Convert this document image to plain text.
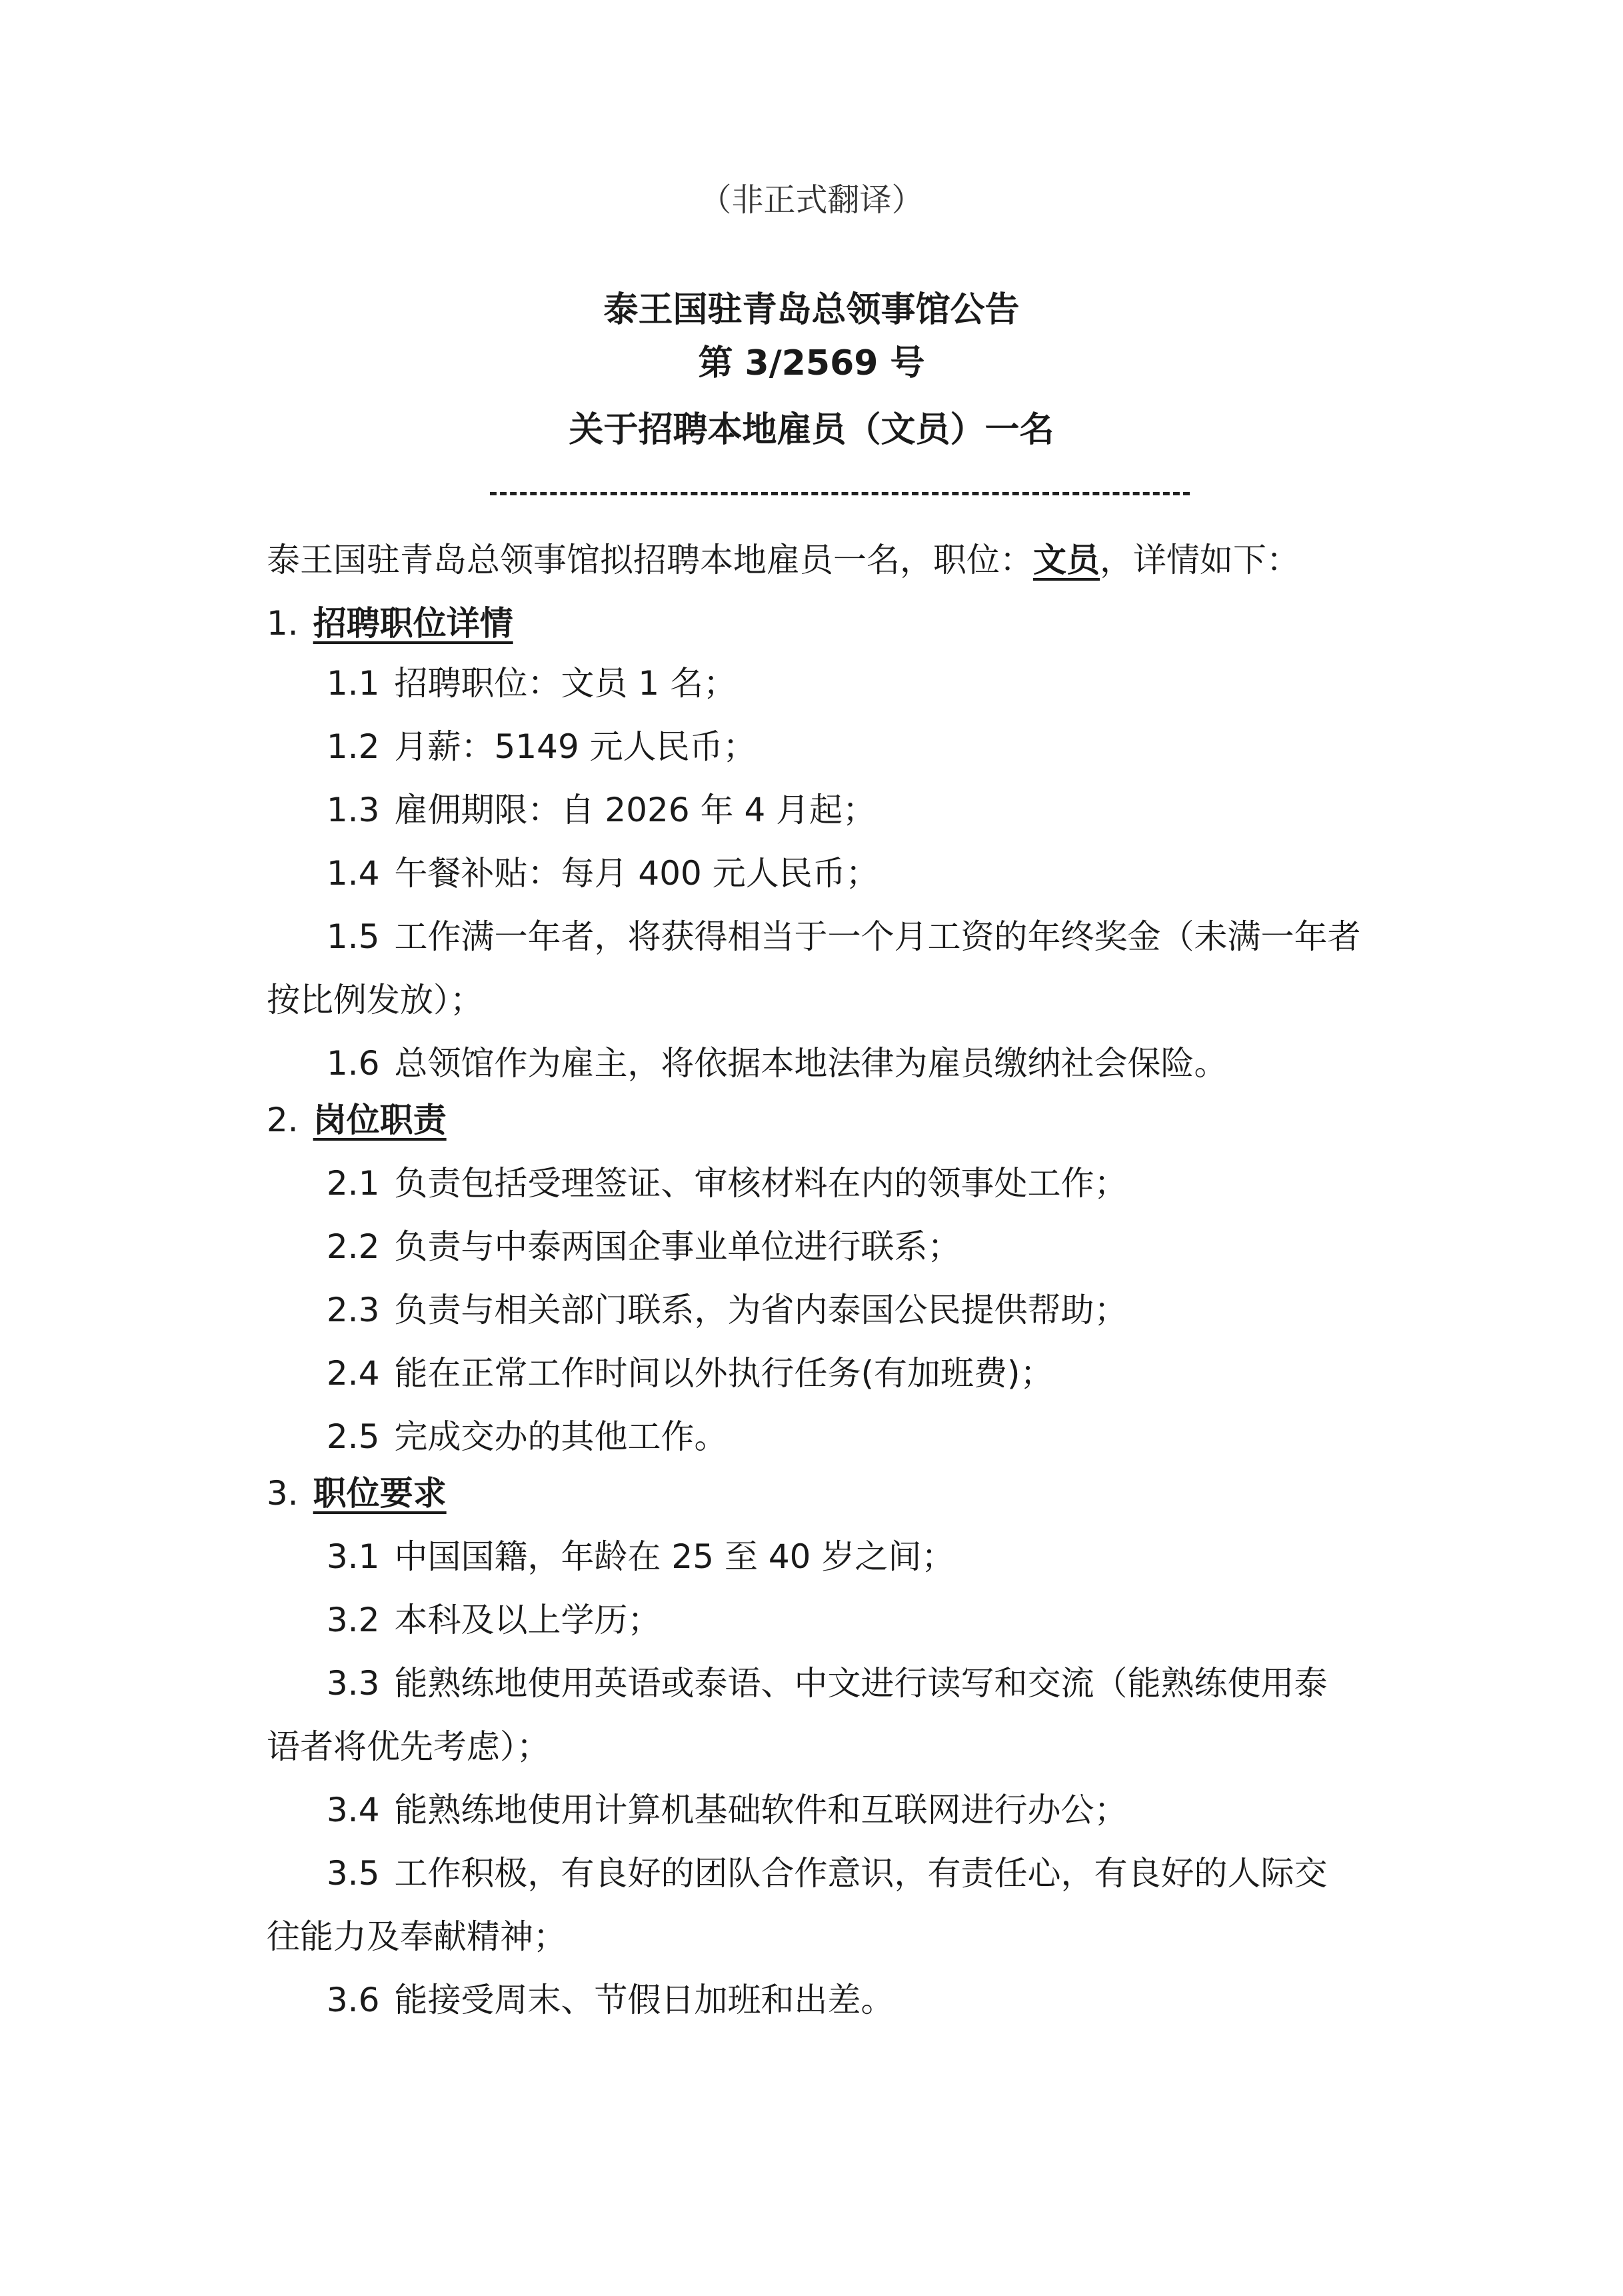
（非正式翻译）
泰王国驻青岛总领事馆公告
第 3/2569 号
关于招聘本地雇员（文员）一名
泰王国驻青岛总领事馆拟招聘本地雇员一名，职位：文员，详情如下：
1. 招聘职位详情
1.1 招聘职位：文员 1 名；
1.2 月薪：5149 元人民币；
1.3 雇佣期限：自 2026 年 4 月起；
1.4 午餐补贴：每月 400 元人民币；
1.5 工作满一年者，将获得相当于一个月工资的年终奖金（未满一年者
按比例发放）；
1.6 总领馆作为雇主，将依据本地法律为雇员缴纳社会保险。
2. 岗位职责
2.1 负责包括受理签证、审核材料在内的领事处工作；
2.2 负责与中泰两国企事业单位进行联系；
2.3 负责与相关部门联系，为省内泰国公民提供帮助；
2.4 能在正常工作时间以外执行任务(有加班费)；
2.5 完成交办的其他工作。
3. 职位要求
3.1 中国国籍，年龄在 25 至 40 岁之间；
3.2 本科及以上学历；
3.3 能熟练地使用英语或泰语、中文进行读写和交流（能熟练使用泰
语者将优先考虑）；
3.4 能熟练地使用计算机基础软件和互联网进行办公；
3.5 工作积极，有良好的团队合作意识，有责任心，有良好的人际交
往能力及奉献精神；
3.6 能接受周末、节假日加班和出差。
